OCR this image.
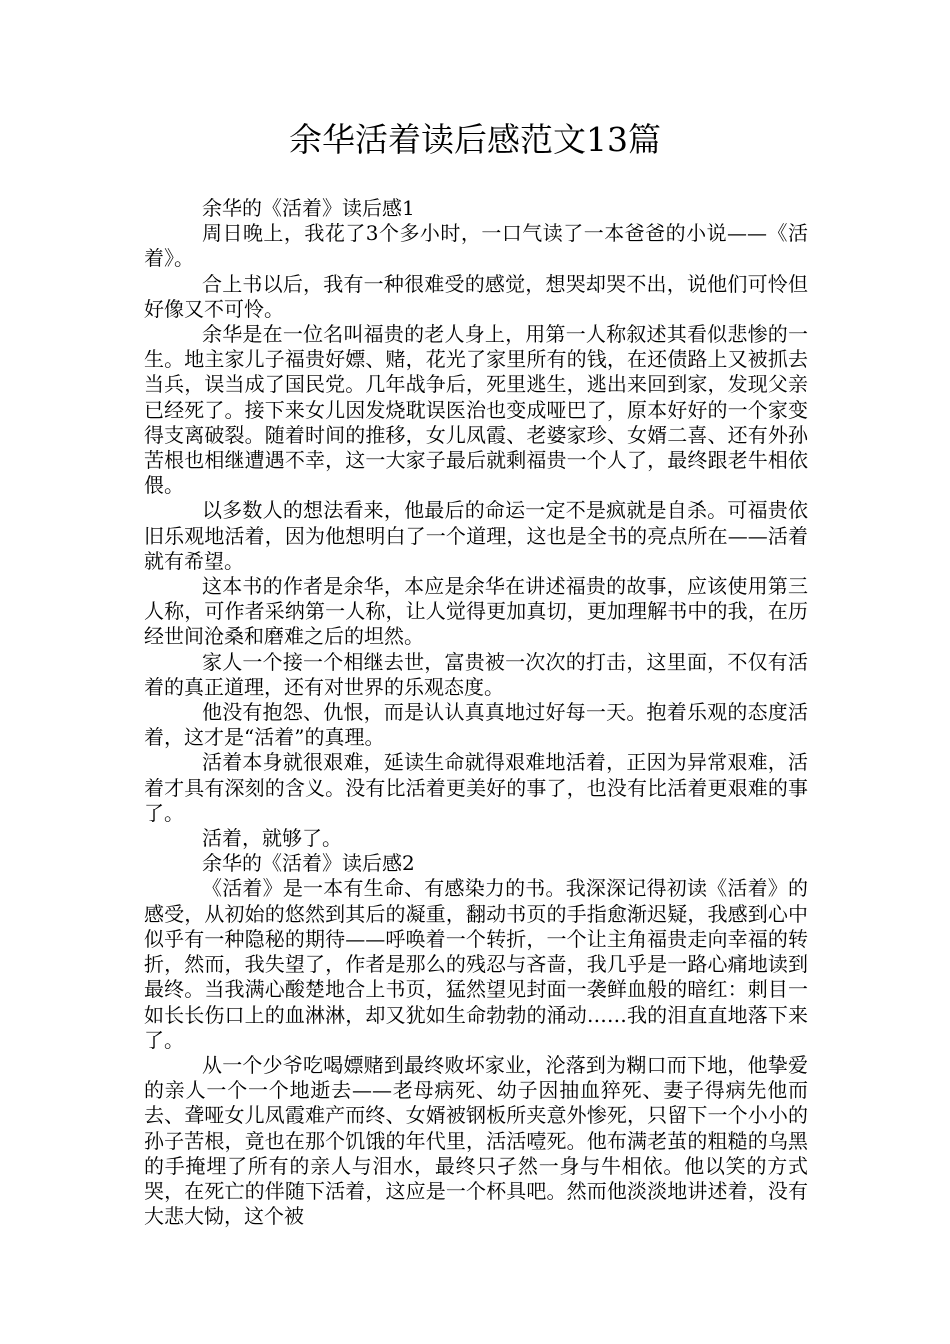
余华活着读后感范文13篇

余华的《活着》读后感1

周日晚上，我花了3个多小时，一口气读了一本爸爸的小说——《活着》。

合上书以后，我有一种很难受的感觉，想哭却哭不出，说他们可怜但好像又不可怜。

余华是在一位名叫福贵的老人身上，用第一人称叙述其看似悲惨的一生。地主家儿子福贵好嫖、赌，花光了家里所有的钱，在还债路上又被抓去当兵，误当成了国民党。几年战争后，死里逃生，逃出来回到家，发现父亲已经死了。接下来女儿因发烧耽误医治也变成哑巴了，原本好好的一个家变得支离破裂。随着时间的推移，女儿凤霞、老婆家珍、女婿二喜、还有外孙苦根也相继遭遇不幸，这一大家子最后就剩福贵一个人了，最终跟老牛相依偎。

以多数人的想法看来，他最后的命运一定不是疯就是自杀。可福贵依旧乐观地活着，因为他想明白了一个道理，这也是全书的亮点所在——活着就有希望。

这本书的作者是余华，本应是余华在讲述福贵的故事，应该使用第三人称，可作者采纳第一人称，让人觉得更加真切，更加理解书中的我，在历经世间沧桑和磨难之后的坦然。

家人一个接一个相继去世，富贵被一次次的打击，这里面，不仅有活着的真正道理，还有对世界的乐观态度。

他没有抱怨、仇恨，而是认认真真地过好每一天。抱着乐观的态度活着，这才是“活着”的真理。

活着本身就很艰难，延读生命就得艰难地活着，正因为异常艰难，活着才具有深刻的含义。没有比活着更美好的事了，也没有比活着更艰难的事了。

活着，就够了。

余华的《活着》读后感2

《活着》是一本有生命、有感染力的书。我深深记得初读《活着》的感受，从初始的悠然到其后的凝重，翻动书页的手指愈渐迟疑，我感到心中似乎有一种隐秘的期待——呼唤着一个转折，一个让主角福贵走向幸福的转折，然而，我失望了，作者是那么的残忍与吝啬，我几乎是一路心痛地读到最终。当我满心酸楚地合上书页，猛然望见封面一袭鲜血般的暗红：刺目一如长长伤口上的血淋淋，却又犹如生命勃勃的涌动……我的泪直直地落下来了。

从一个少爷吃喝嫖赌到最终败坏家业，沦落到为糊口而下地，他挚爱的亲人一个一个地逝去——老母病死、幼子因抽血猝死、妻子得病先他而去、聋哑女儿凤霞难产而终、女婿被钢板所夹意外惨死，只留下一个小小的孙子苦根，竟也在那个饥饿的年代里，活活噎死。他布满老茧的粗糙的乌黑的手掩埋了所有的亲人与泪水，最终只孑然一身与牛相依。他以笑的方式哭，在死亡的伴随下活着，这应是一个杯具吧。然而他淡淡地讲述着，没有大悲大恸，这个被
